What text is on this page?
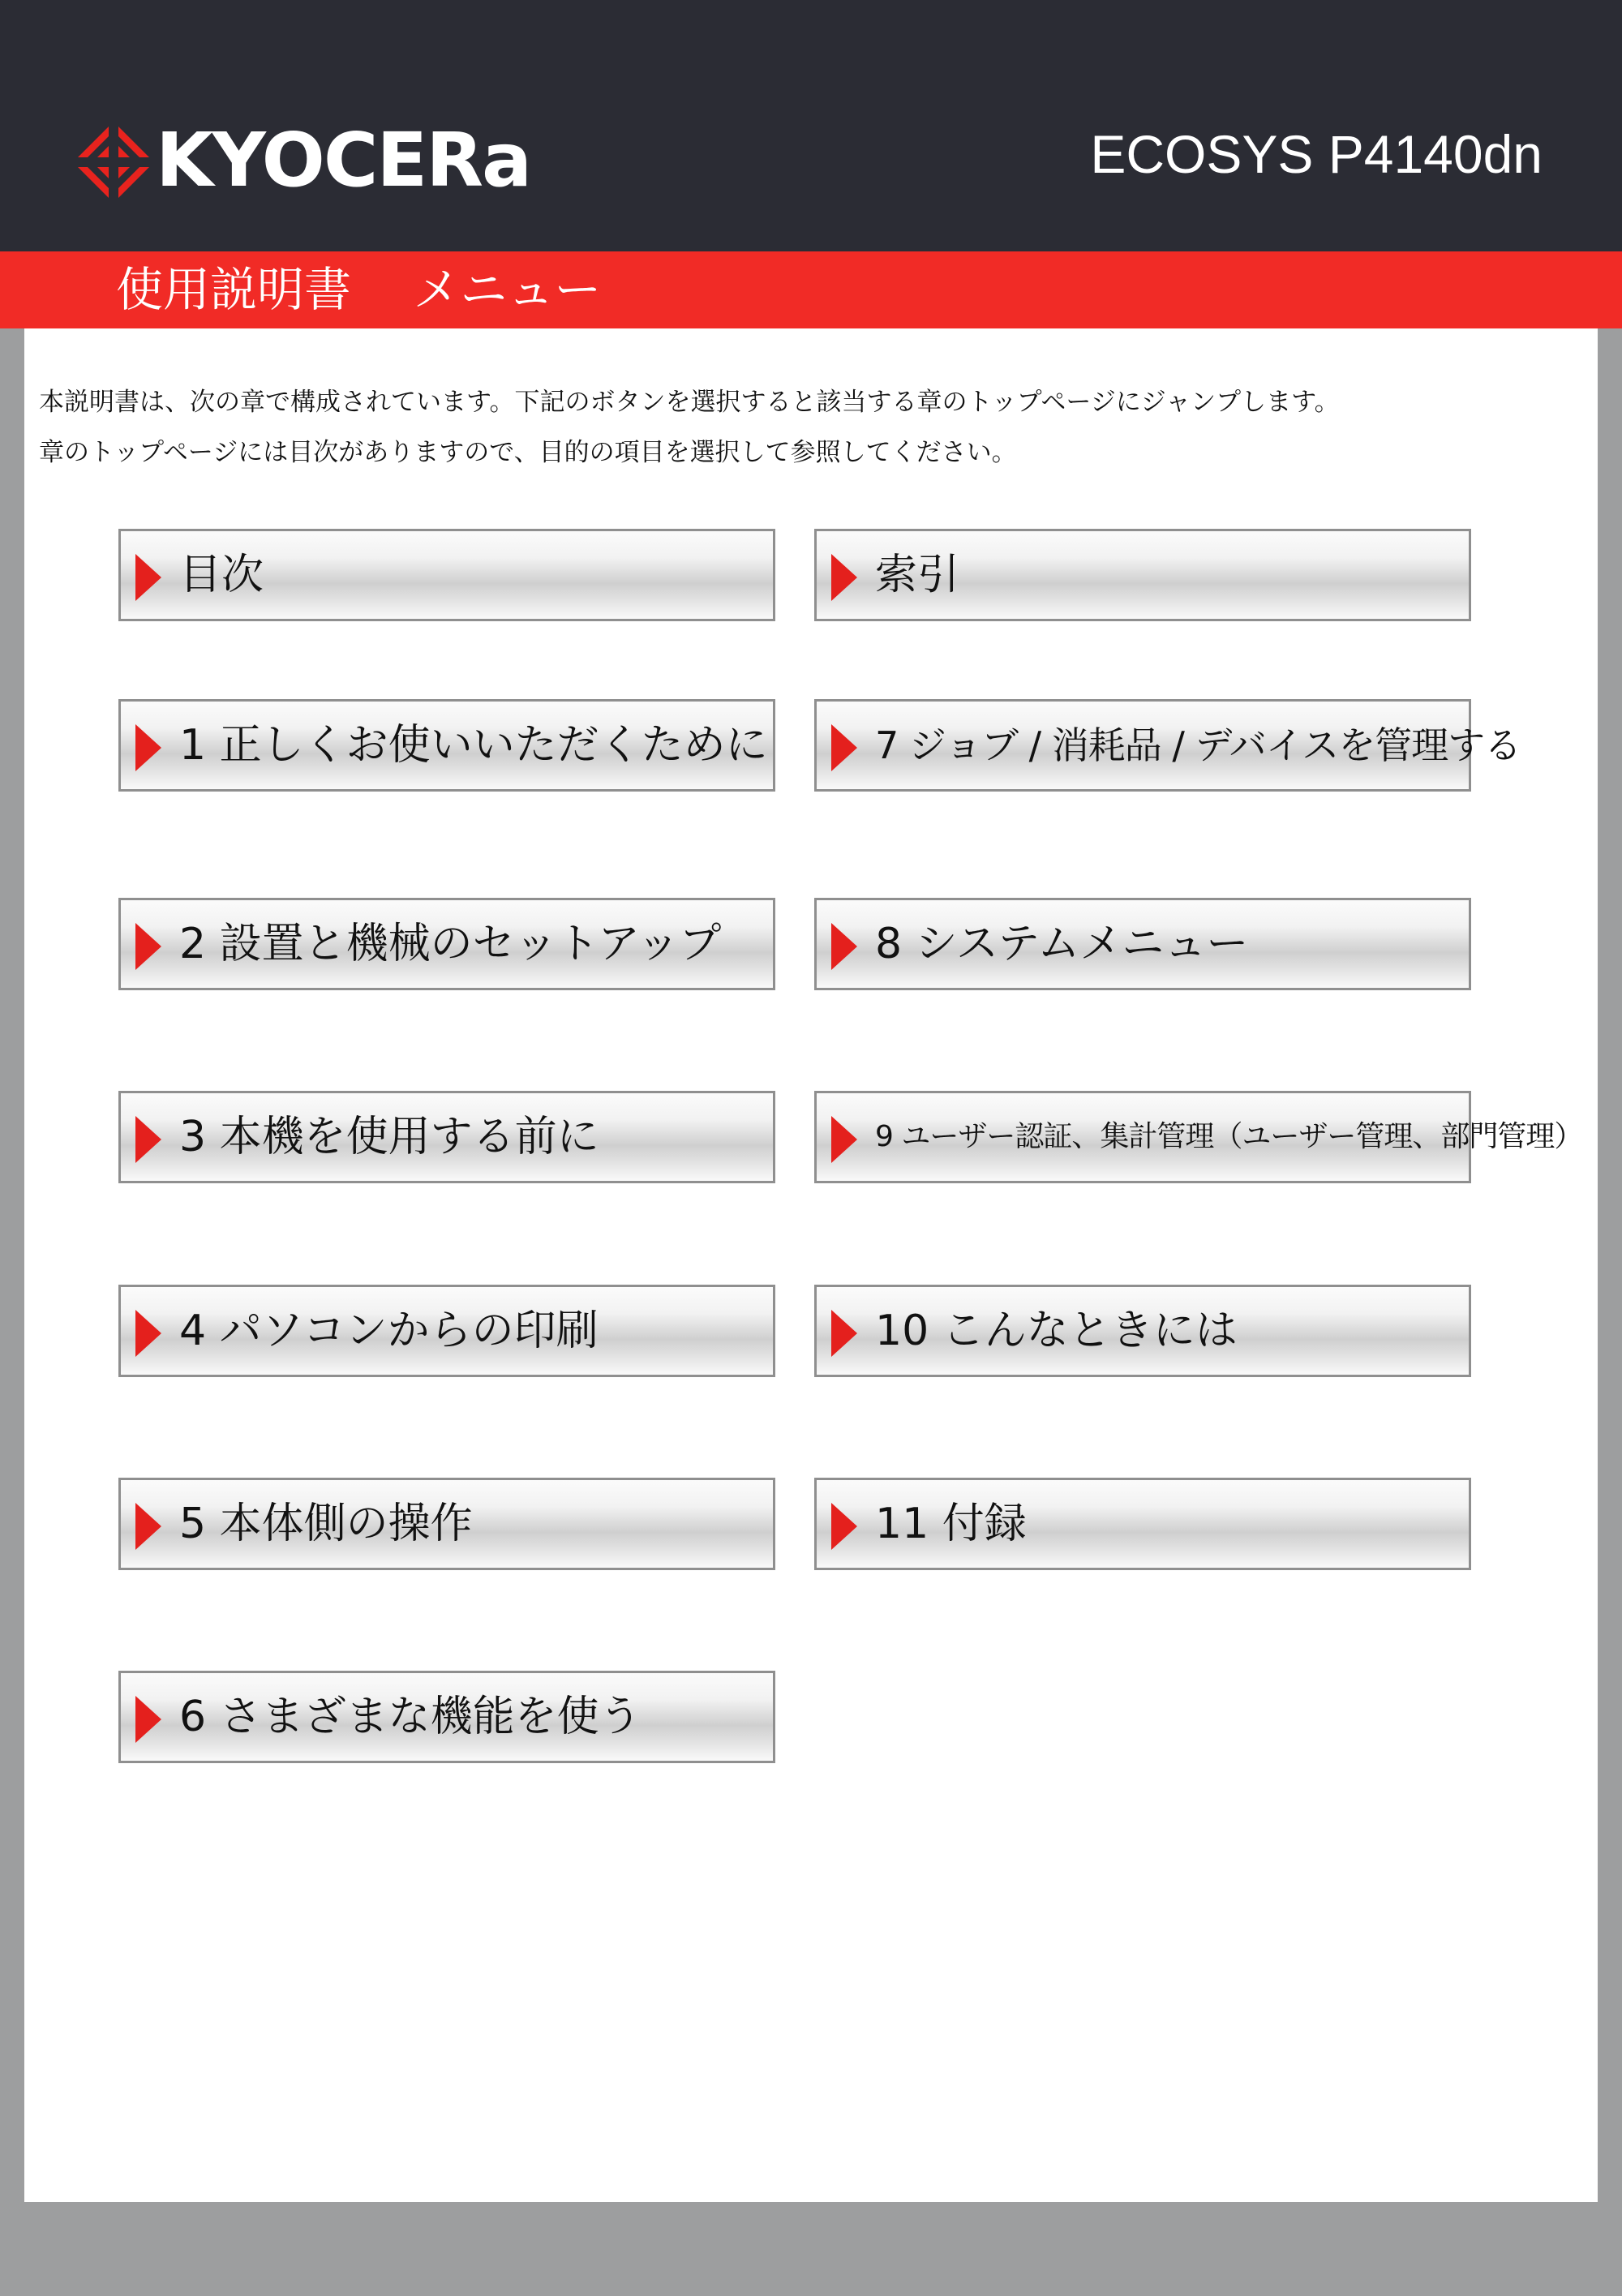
KYOCERa	ECOSYS P4140dn
使用説明書　 メニュー
本説明書は、次の章で構成されています。下記のボタンを選択すると該当する章のトップページにジャンプします。
章のトップページには目次がありますので、目的の項目を選択して参照してください。
目次
1 正しくお使いいただくために
2 設置と機械のセットアップ
3 本機を使用する前に
4 パソコンからの印刷
5 本体側の操作
6 さまざまな機能を使う
索引
7 ジョブ / 消耗品 / デバイスを管理する
8 システムメニュー
9 ユーザー認証、集計管理（ユーザー管理、部門管理）
10 こんなときには
11 付録
